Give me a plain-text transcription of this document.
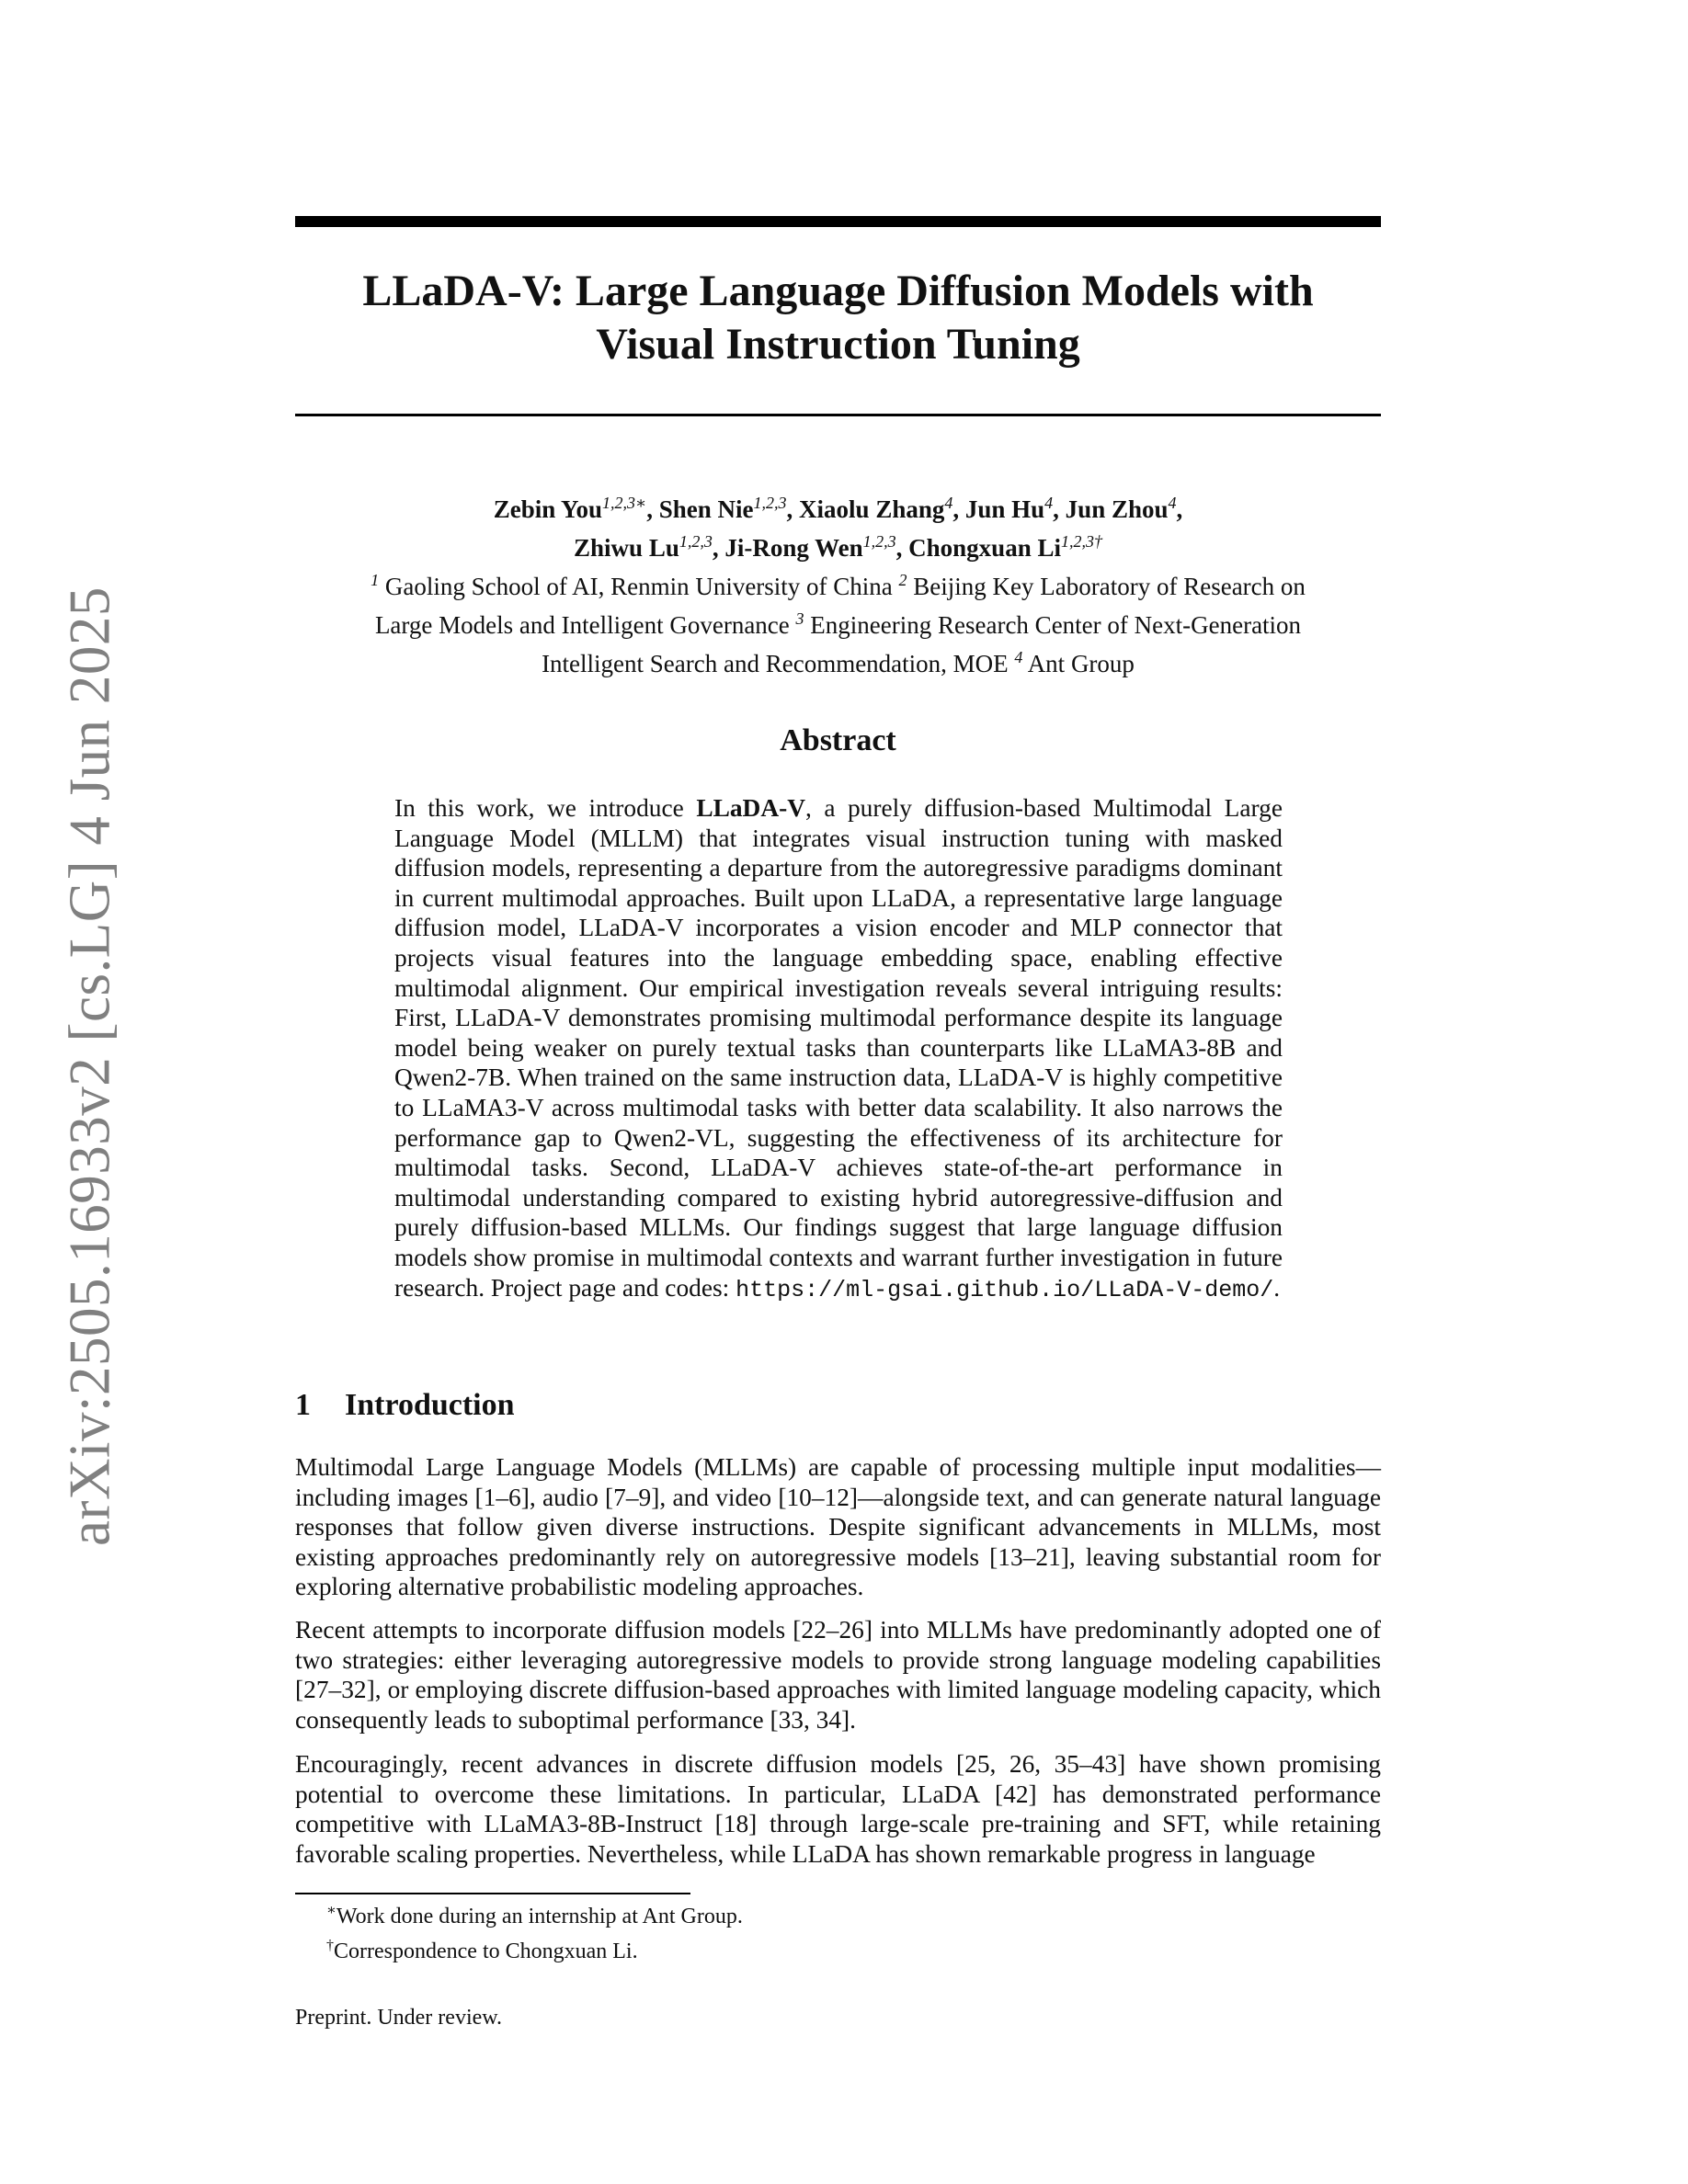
arXiv:2505.16933v2 [cs.LG] 4 Jun 2025
LLaDA-V: Large Language Diffusion Models with
Visual Instruction Tuning
Zebin You$^{1,2,3∗}$, Shen Nie$^{1,2,3}$, Xiaolu Zhang$^4$, Jun Hu$^4$, Jun Zhou$^4$,
Zhiwu Lu$^{1,2,3}$, Ji-Rong Wen$^{1,2,3}$, Chongxuan $Li^{1,2,3\dagger}$
$^1$ Gaoling School of AI, Renmin University of China $^2$ Beijing Key Laboratory of Research on
Large Models and Intelligent Governance $^3$ Engineering Research Center of Next-Generation
Intelligent Search and Recommendation, MOE $^4$ Ant Group
Abstract

In this work, we introduce LLaDA-V, a purely diffusion-based Multimodal Large Language Model (MLLM) that integrates visual instruction tuning with masked diffusion models, representing a departure from the autoregressive paradigms dominant in current multimodal approaches. Built upon LLaDA, a representative large language diffusion model, LLaDA-V incorporates a vision encoder and MLP connector that projects visual features into the language embedding space, enabling effective multimodal alignment. Our empirical investigation reveals several intriguing results: First, LLaDA-V demonstrates promising multimodal performance despite its language model being weaker on purely textual tasks than counterparts like LLaMA3-8B and Qwen2-7B. When trained on the same instruction data, LLaDA-V is highly competitive to LLaMA3-V across multimodal tasks with better data scalability. It also narrows the performance gap to Qwen2-VL, suggesting the effectiveness of its architecture for multimodal tasks. Second, LLaDA-V achieves state-of-the-art performance in multimodal understanding compared to existing hybrid autoregressive-diffusion and purely diffusion-based MLLMs. Our findings suggest that large language diffusion models show promise in multimodal contexts and warrant further investigation in future research. Project page and codes: https://ml-gsai.github.io/LLaDA-V-demo/.

1 Introduction

Multimodal Large Language Models (MLLMs) are capable of processing multiple input modalities—including images [1–6], audio [7–9], and video [10–12]—alongside text, and can generate natural language responses that follow given diverse instructions. Despite significant advancements in MLLMs, most existing approaches predominantly rely on autoregressive models [13–21], leaving substantial room for exploring alternative probabilistic modeling approaches.

Recent attempts to incorporate diffusion models [22–26] into MLLMs have predominantly adopted one of two strategies: either leveraging autoregressive models to provide strong language modeling capabilities [27–32], or employing discrete diffusion-based approaches with limited language modeling capacity, which consequently leads to suboptimal performance [33, 34].

Encouragingly, recent advances in discrete diffusion models [25, 26, 35–43] have shown promising potential to overcome these limitations. In particular, LLaDA [42] has demonstrated performance competitive with LLaMA3-8B-Instruct [18] through large-scale pre-training and SFT, while retaining favorable scaling properties. Nevertheless, while LLaDA has shown remarkable progress in language

∗Work done during an internship at Ant Group.
†Correspondence to Chongxuan Li.
Preprint. Under review.
